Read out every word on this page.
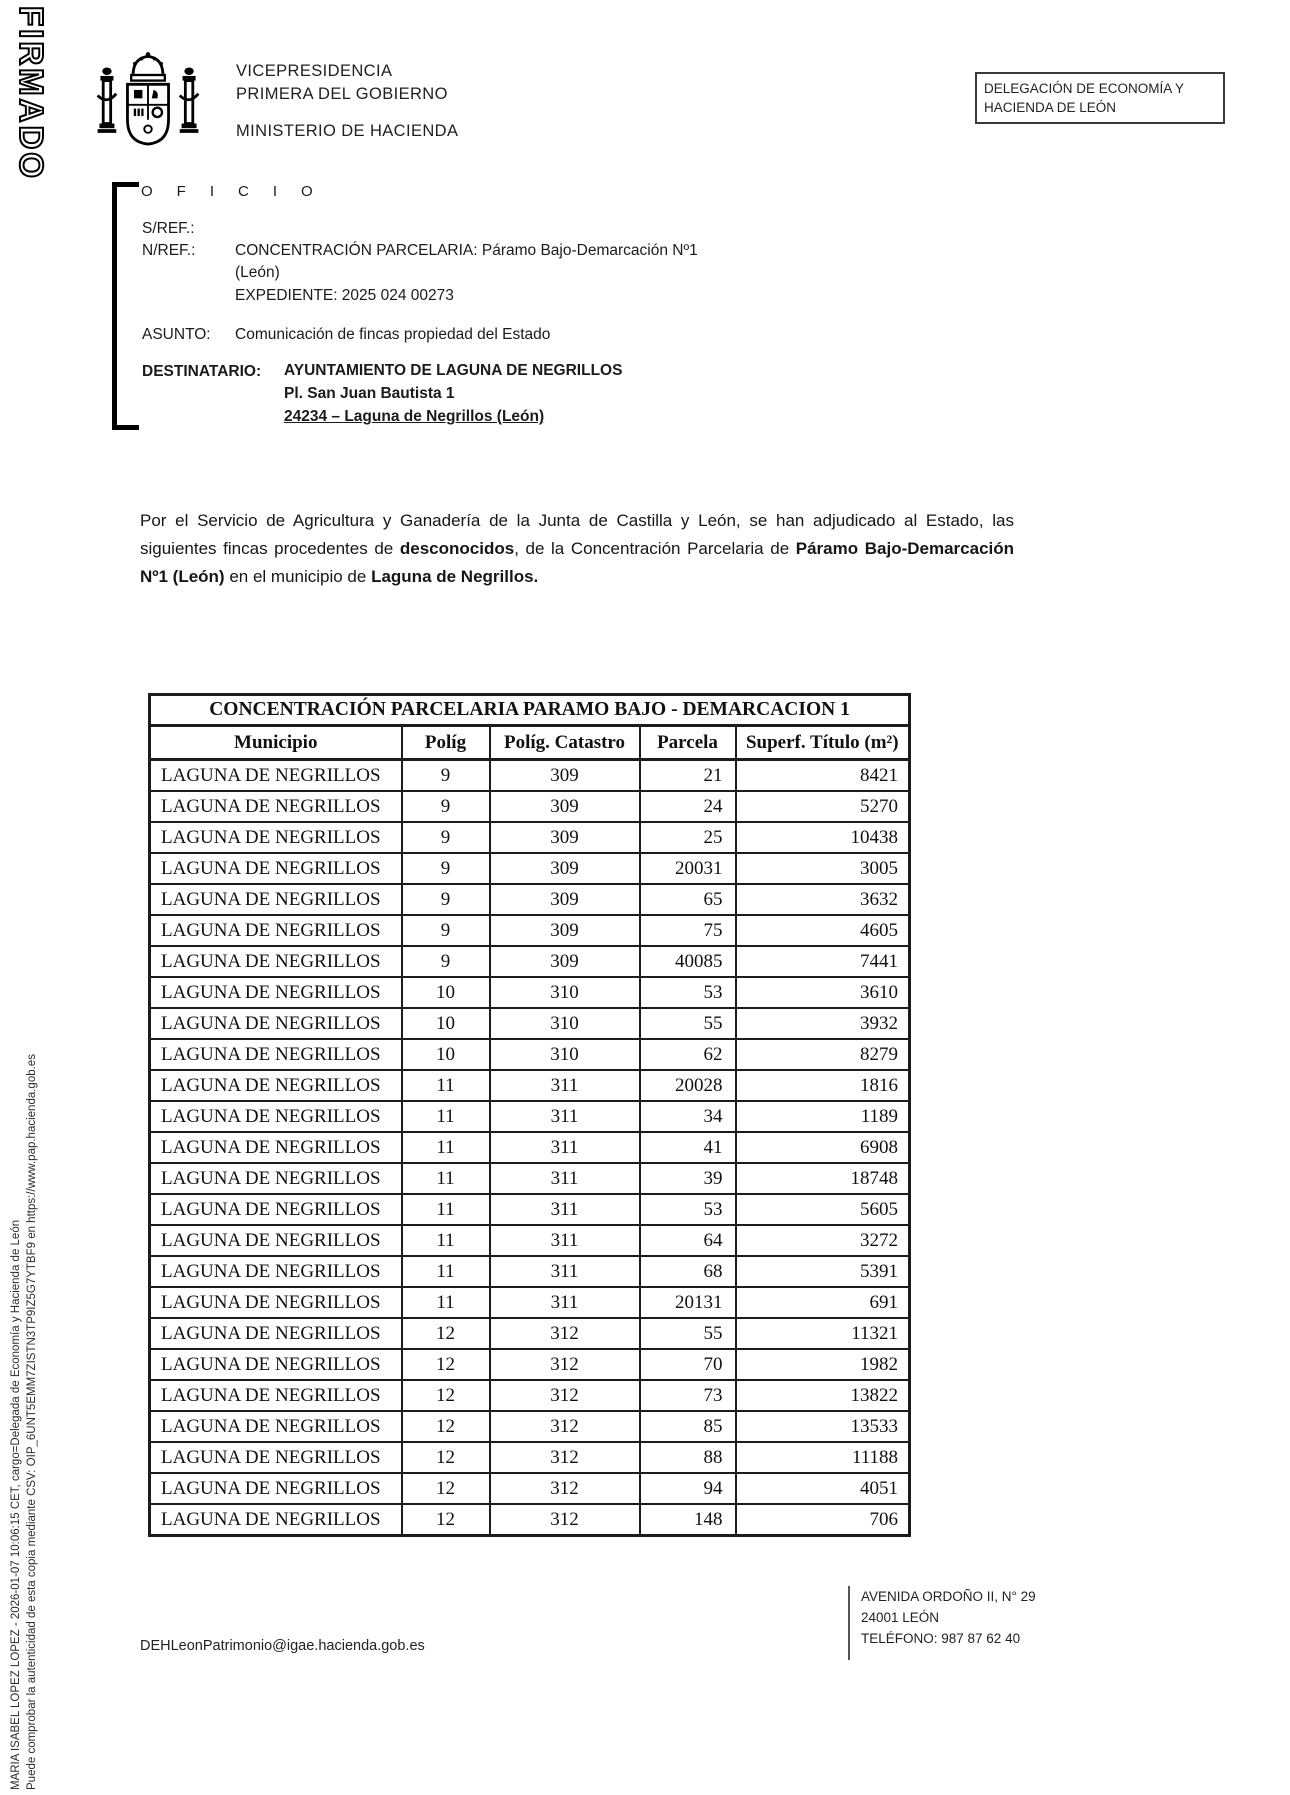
FIRMADO
MARIA ISABEL LOPEZ LOPEZ - 2026-01-07 10:06:15 CET, cargo=Delegada de Economía y Hacienda de León Puede comprobar la autenticidad de esta copia mediante CSV: OIP_6UNT5EMM7ZISTN3TP9IZ5G7YTBF9 en https://www.pap.hacienda.gob.es
VICEPRESIDENCIA
PRIMERA DEL GOBIERNO
MINISTERIO DE HACIENDA
DELEGACIÓN DE ECONOMÍA Y
HACIENDA DE LEÓN
OFICIO
S/REF.:
N/REF.:	CONCENTRACIÓN PARCELARIA: Páramo Bajo-Demarcación Nº1
(León)
EXPEDIENTE: 2025 024 00273
ASUNTO: Comunicación de fincas propiedad del Estado
DESTINATARIO: AYUNTAMIENTO DE LAGUNA DE NEGRILLOS
Pl. San Juan Bautista 1
24234 – Laguna de Negrillos (León)
Por el Servicio de Agricultura y Ganadería de la Junta de Castilla y León, se han adjudicado al Estado, las siguientes fincas procedentes de desconocidos, de la Concentración Parcelaria de Páramo Bajo-Demarcación Nº1 (León) en el municipio de Laguna de Negrillos.
CONCENTRACIÓN PARCELARIA PARAMO BAJO - DEMARCACION 1				
Municipio	Políg	Políg. Catastro	Parcela	Superf. Título (m²)
LAGUNA DE NEGRILLOS	9	309	21	8421
LAGUNA DE NEGRILLOS	9	309	24	5270
LAGUNA DE NEGRILLOS	9	309	25	10438
LAGUNA DE NEGRILLOS	9	309	20031	3005
LAGUNA DE NEGRILLOS	9	309	65	3632
LAGUNA DE NEGRILLOS	9	309	75	4605
LAGUNA DE NEGRILLOS	9	309	40085	7441
LAGUNA DE NEGRILLOS	10	310	53	3610
LAGUNA DE NEGRILLOS	10	310	55	3932
LAGUNA DE NEGRILLOS	10	310	62	8279
LAGUNA DE NEGRILLOS	11	311	20028	1816
LAGUNA DE NEGRILLOS	11	311	34	1189
LAGUNA DE NEGRILLOS	11	311	41	6908
LAGUNA DE NEGRILLOS	11	311	39	18748
LAGUNA DE NEGRILLOS	11	311	53	5605
LAGUNA DE NEGRILLOS	11	311	64	3272
LAGUNA DE NEGRILLOS	11	311	68	5391
LAGUNA DE NEGRILLOS	11	311	20131	691
LAGUNA DE NEGRILLOS	12	312	55	11321
LAGUNA DE NEGRILLOS	12	312	70	1982
LAGUNA DE NEGRILLOS	12	312	73	13822
LAGUNA DE NEGRILLOS	12	312	85	13533
LAGUNA DE NEGRILLOS	12	312	88	11188
LAGUNA DE NEGRILLOS	12	312	94	4051
LAGUNA DE NEGRILLOS	12	312	148	706
DEHLeonPatrimonio@igae.hacienda.gob.es
AVENIDA ORDOÑO II, N° 29
24001 LEÓN
TELÉFONO: 987 87 62 40
